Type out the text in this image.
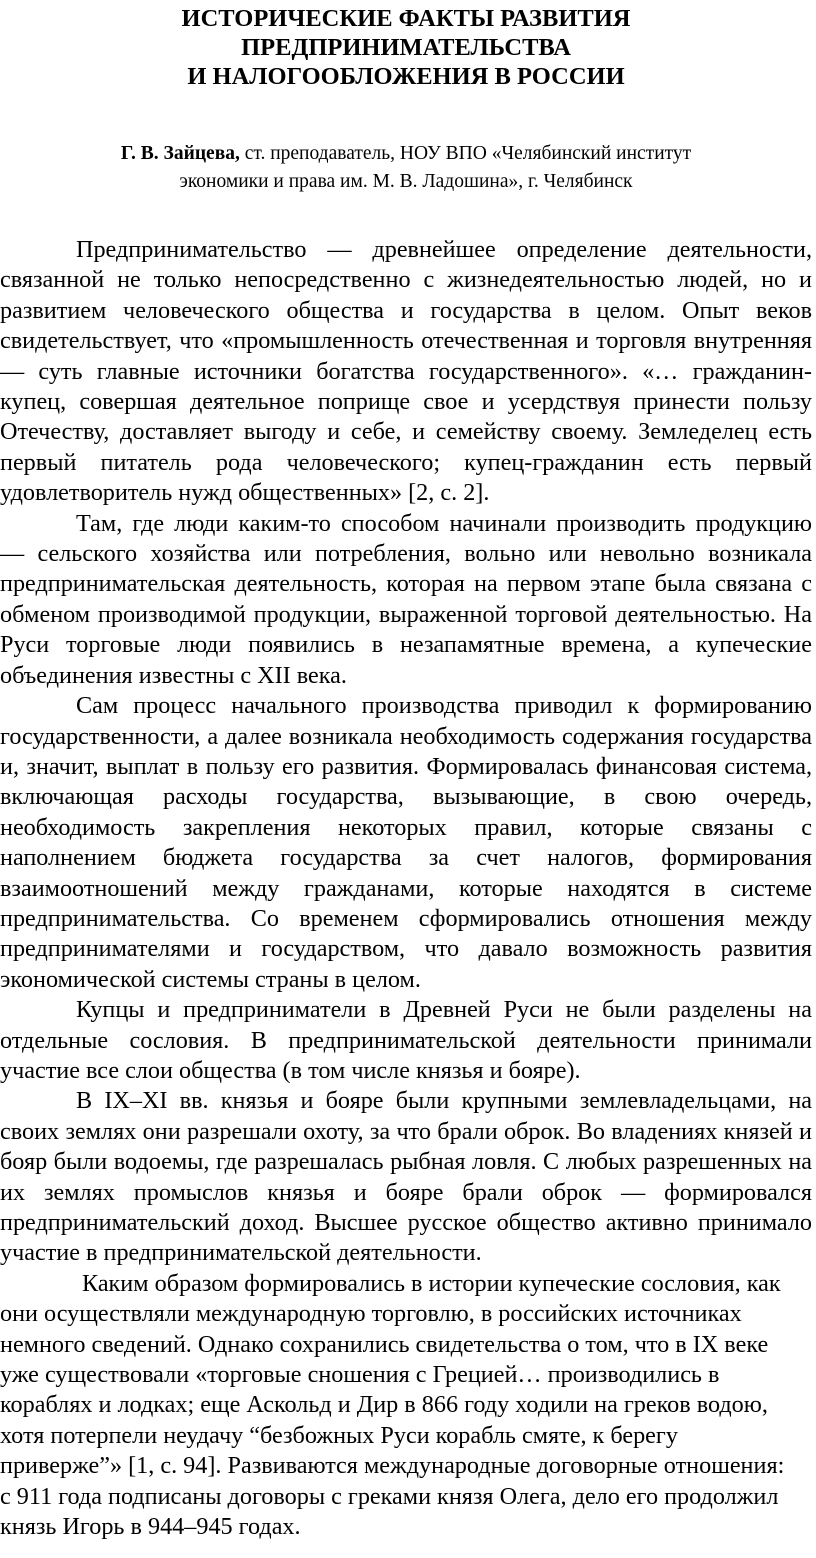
ИСТОРИЧЕСКИЕ ФАКТЫ РАЗВИТИЯ
ПРЕДПРИНИМАТЕЛЬСТВА
И НАЛОГООБЛОЖЕНИЯ В РОССИИ
Г. В. Зайцева, ст. преподаватель, НОУ ВПО «Челябинский институт
экономики и права им. М. В. Ладошина», г. Челябинск

Предпринимательство — древнейшее определение деятельности, связанной не только непосредственно с жизнедеятельностью людей, но и развитием человеческого общества и государства в целом. Опыт веков свидетельствует, что «промышленность отечественная и торговля внутренняя — суть главные источники богатства государственного». «… гражданин-купец, совершая деятельное поприще свое и усердствуя принести пользу Отечеству, доставляет выгоду и себе, и семейству своему. Земледелец есть первый питатель рода человеческого; купец-гражданин есть первый удовлетворитель нужд общественных» [2, с. 2].

Там, где люди каким-то способом начинали производить продукцию — сельского хозяйства или потребления, вольно или невольно возникала предпринимательская деятельность, которая на первом этапе была связана с обменом производимой продукции, выраженной торговой деятельностью. На Руси торговые люди появились в незапамятные времена, а купеческие объединения известны с XII века.

Сам процесс начального производства приводил к формированию государственности, а далее возникала необходимость содержания государства и, значит, выплат в пользу его развития. Формировалась финансовая система, включающая расходы государства, вызывающие, в свою очередь, необходимость закрепления некоторых правил, которые связаны с наполнением бюджета государства за счет налогов, формирования взаимоотношений между гражданами, которые находятся в системе предпринимательства. Со временем сформировались отношения между предпринимателями и государством, что давало возможность развития экономической системы страны в целом.

Купцы и предприниматели в Древней Руси не были разделены на отдельные сословия. В предпринимательской деятельности принимали участие все слои общества (в том числе князья и бояре).

В IX–XI вв. князья и бояре были крупными землевладельцами, на своих землях они разрешали охоту, за что брали оброк. Во владениях князей и бояр были водоемы, где разрешалась рыбная ловля. С любых разрешенных на их землях промыслов князья и бояре брали оброк — формировался предпринимательский доход. Высшее русское общество активно принимало участие в предпринимательской деятельности.

Каким образом формировались в истории купеческие сословия, как
они осуществляли международную торговлю, в российских источниках
немного сведений. Однако сохранились свидетельства о том, что в IX веке
уже существовали «торговые сношения с Грецией… производились в
кораблях и лодках; еще Аскольд и Дир в 866 году ходили на греков водою,
хотя потерпели неудачу “безбожных Руси корабль смяте, к берегу
приверже”» [1, с. 94]. Развиваются международные договорные отношения:
с 911 года подписаны договоры с греками князя Олега, дело его продолжил
князь Игорь в 944–945 годах.
